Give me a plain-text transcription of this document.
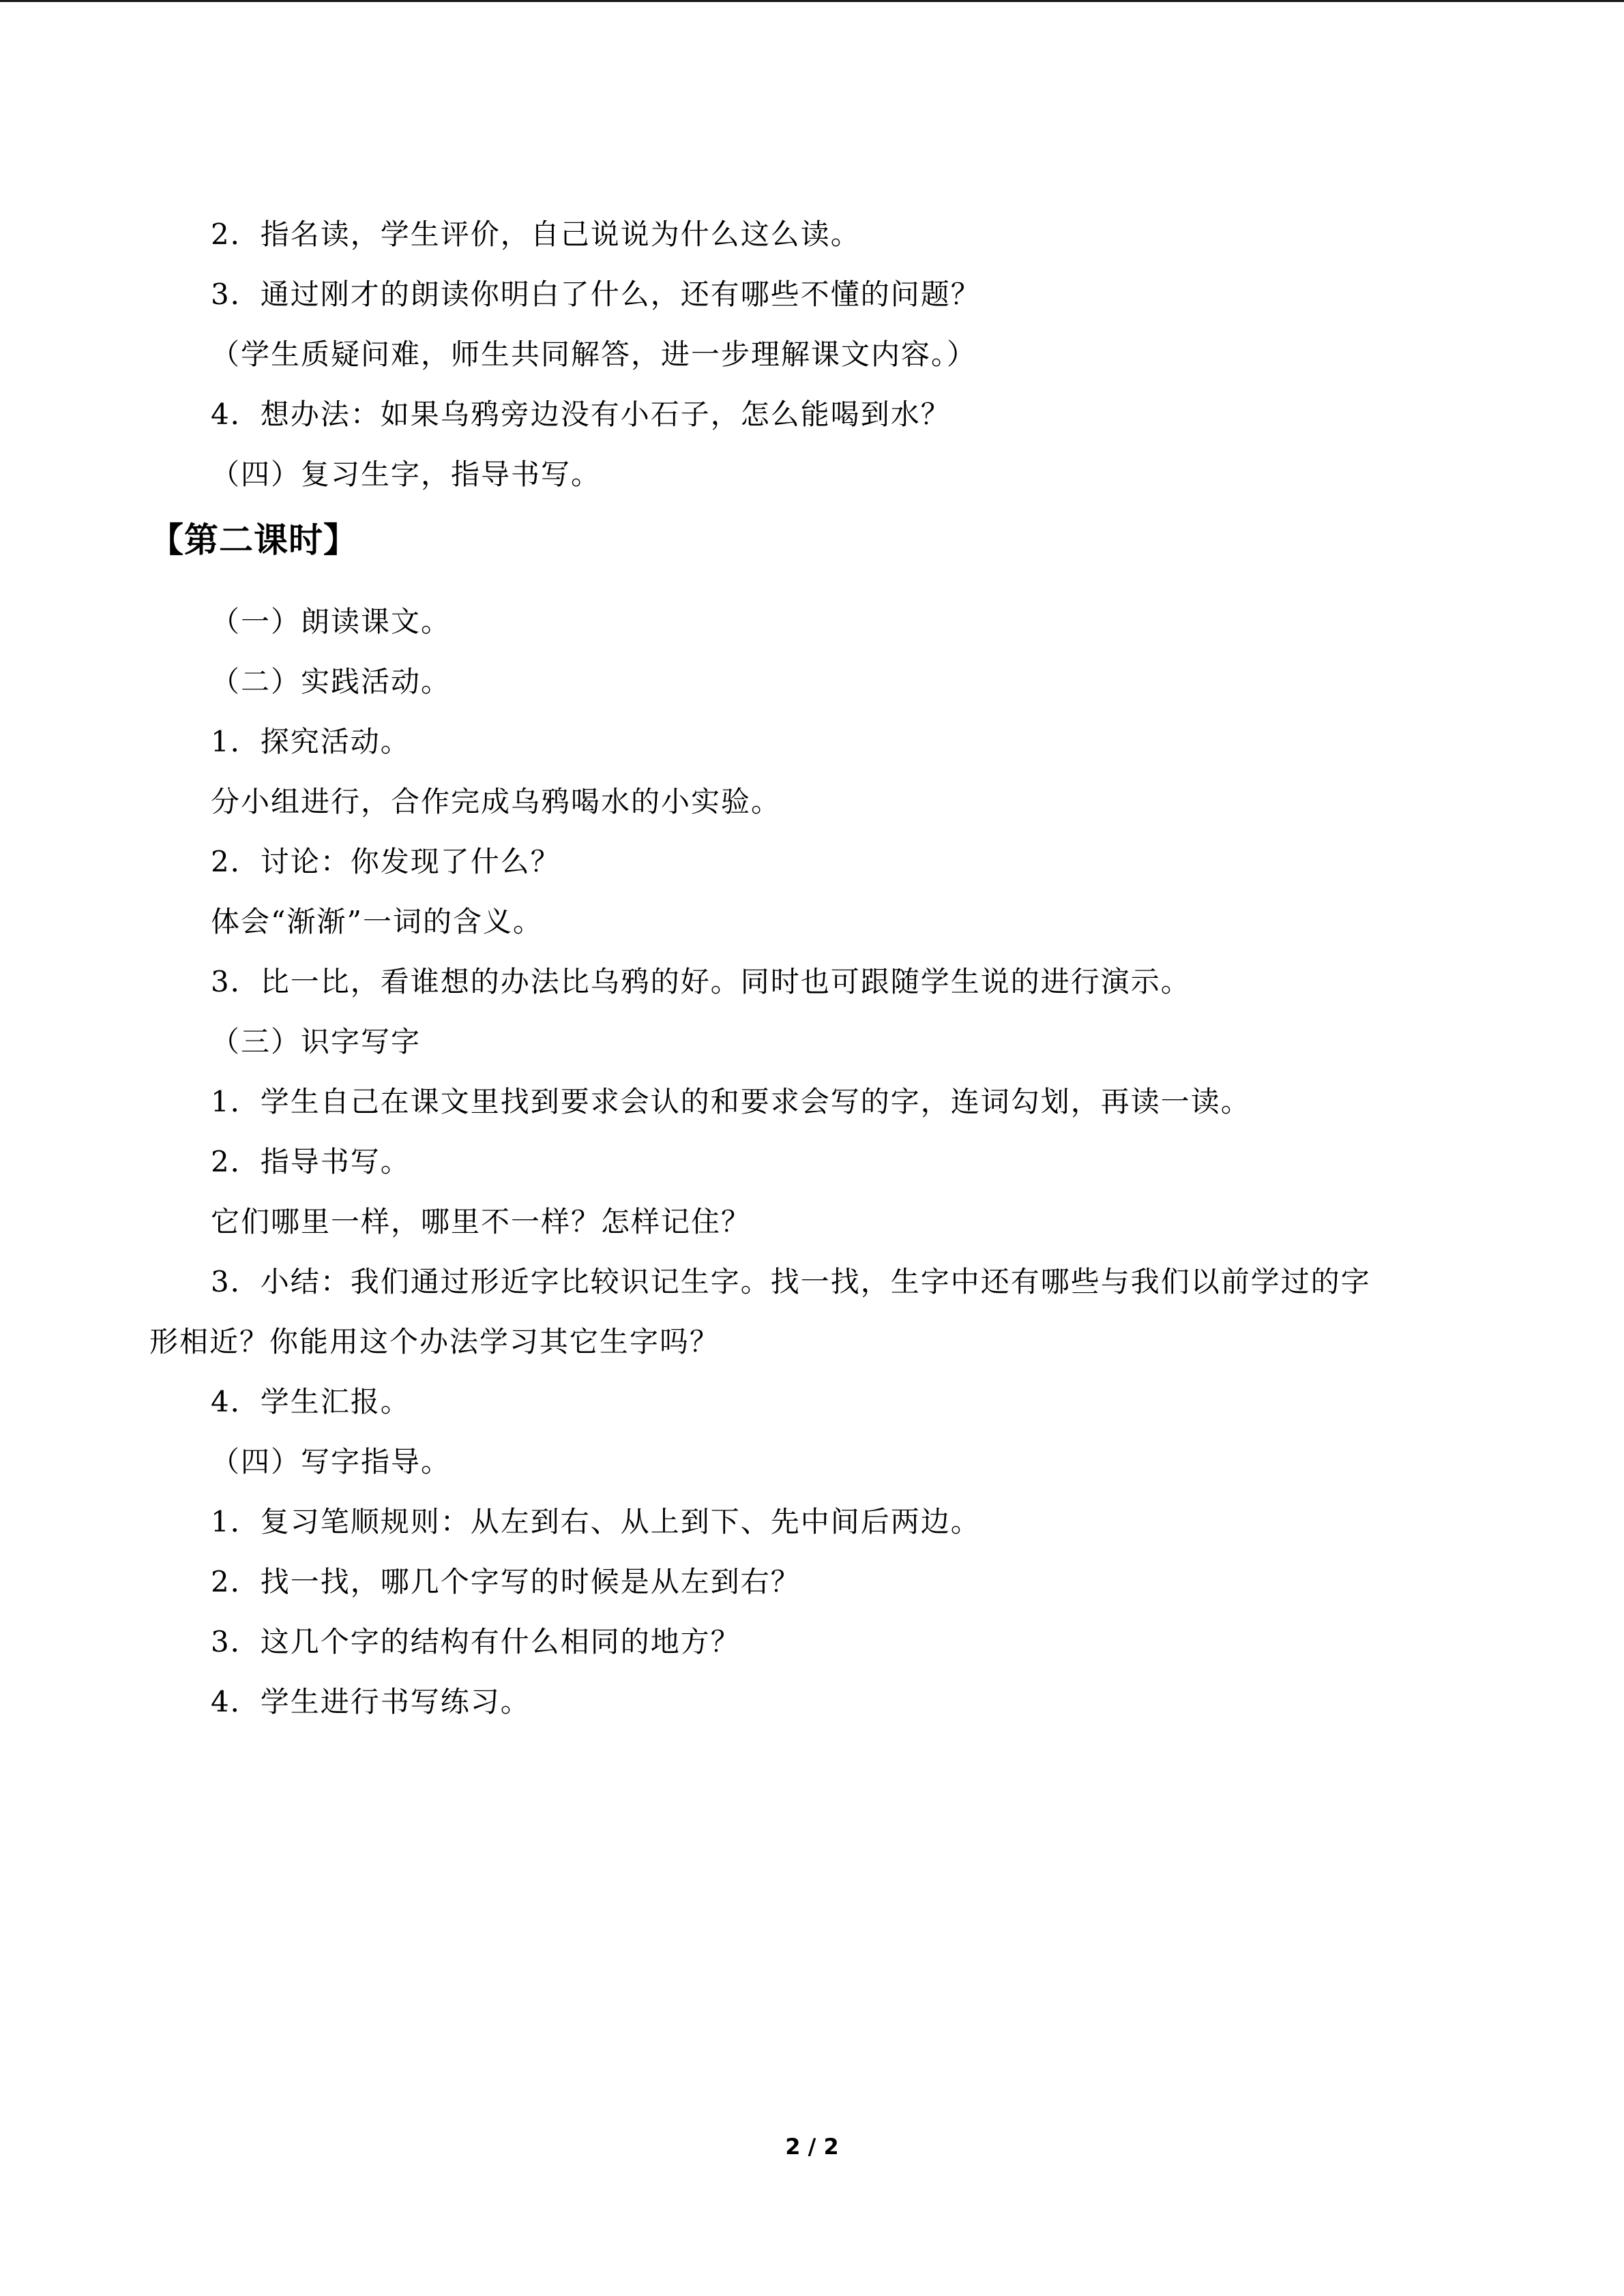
2．指名读，学生评价，自己说说为什么这么读。
3．通过刚才的朗读你明白了什么，还有哪些不懂的问题？
（学生质疑问难，师生共同解答，进一步理解课文内容。）
4．想办法：如果乌鸦旁边没有小石子，怎么能喝到水？
（四）复习生字，指导书写。
【第二课时】
（一）朗读课文。
（二）实践活动。
1．探究活动。
分小组进行，合作完成乌鸦喝水的小实验。
2．讨论：你发现了什么？
体会“渐渐”一词的含义。
3．比一比，看谁想的办法比乌鸦的好。同时也可跟随学生说的进行演示。
（三）识字写字
1．学生自己在课文里找到要求会认的和要求会写的字，连词勾划，再读一读。
2．指导书写。
它们哪里一样，哪里不一样？怎样记住？
3．小结：我们通过形近字比较识记生字。找一找，生字中还有哪些与我们以前学过的字
形相近？你能用这个办法学习其它生字吗？
4．学生汇报。
（四）写字指导。
1．复习笔顺规则：从左到右、从上到下、先中间后两边。
2．找一找，哪几个字写的时候是从左到右？
3．这几个字的结构有什么相同的地方？
4．学生进行书写练习。
2 / 2
